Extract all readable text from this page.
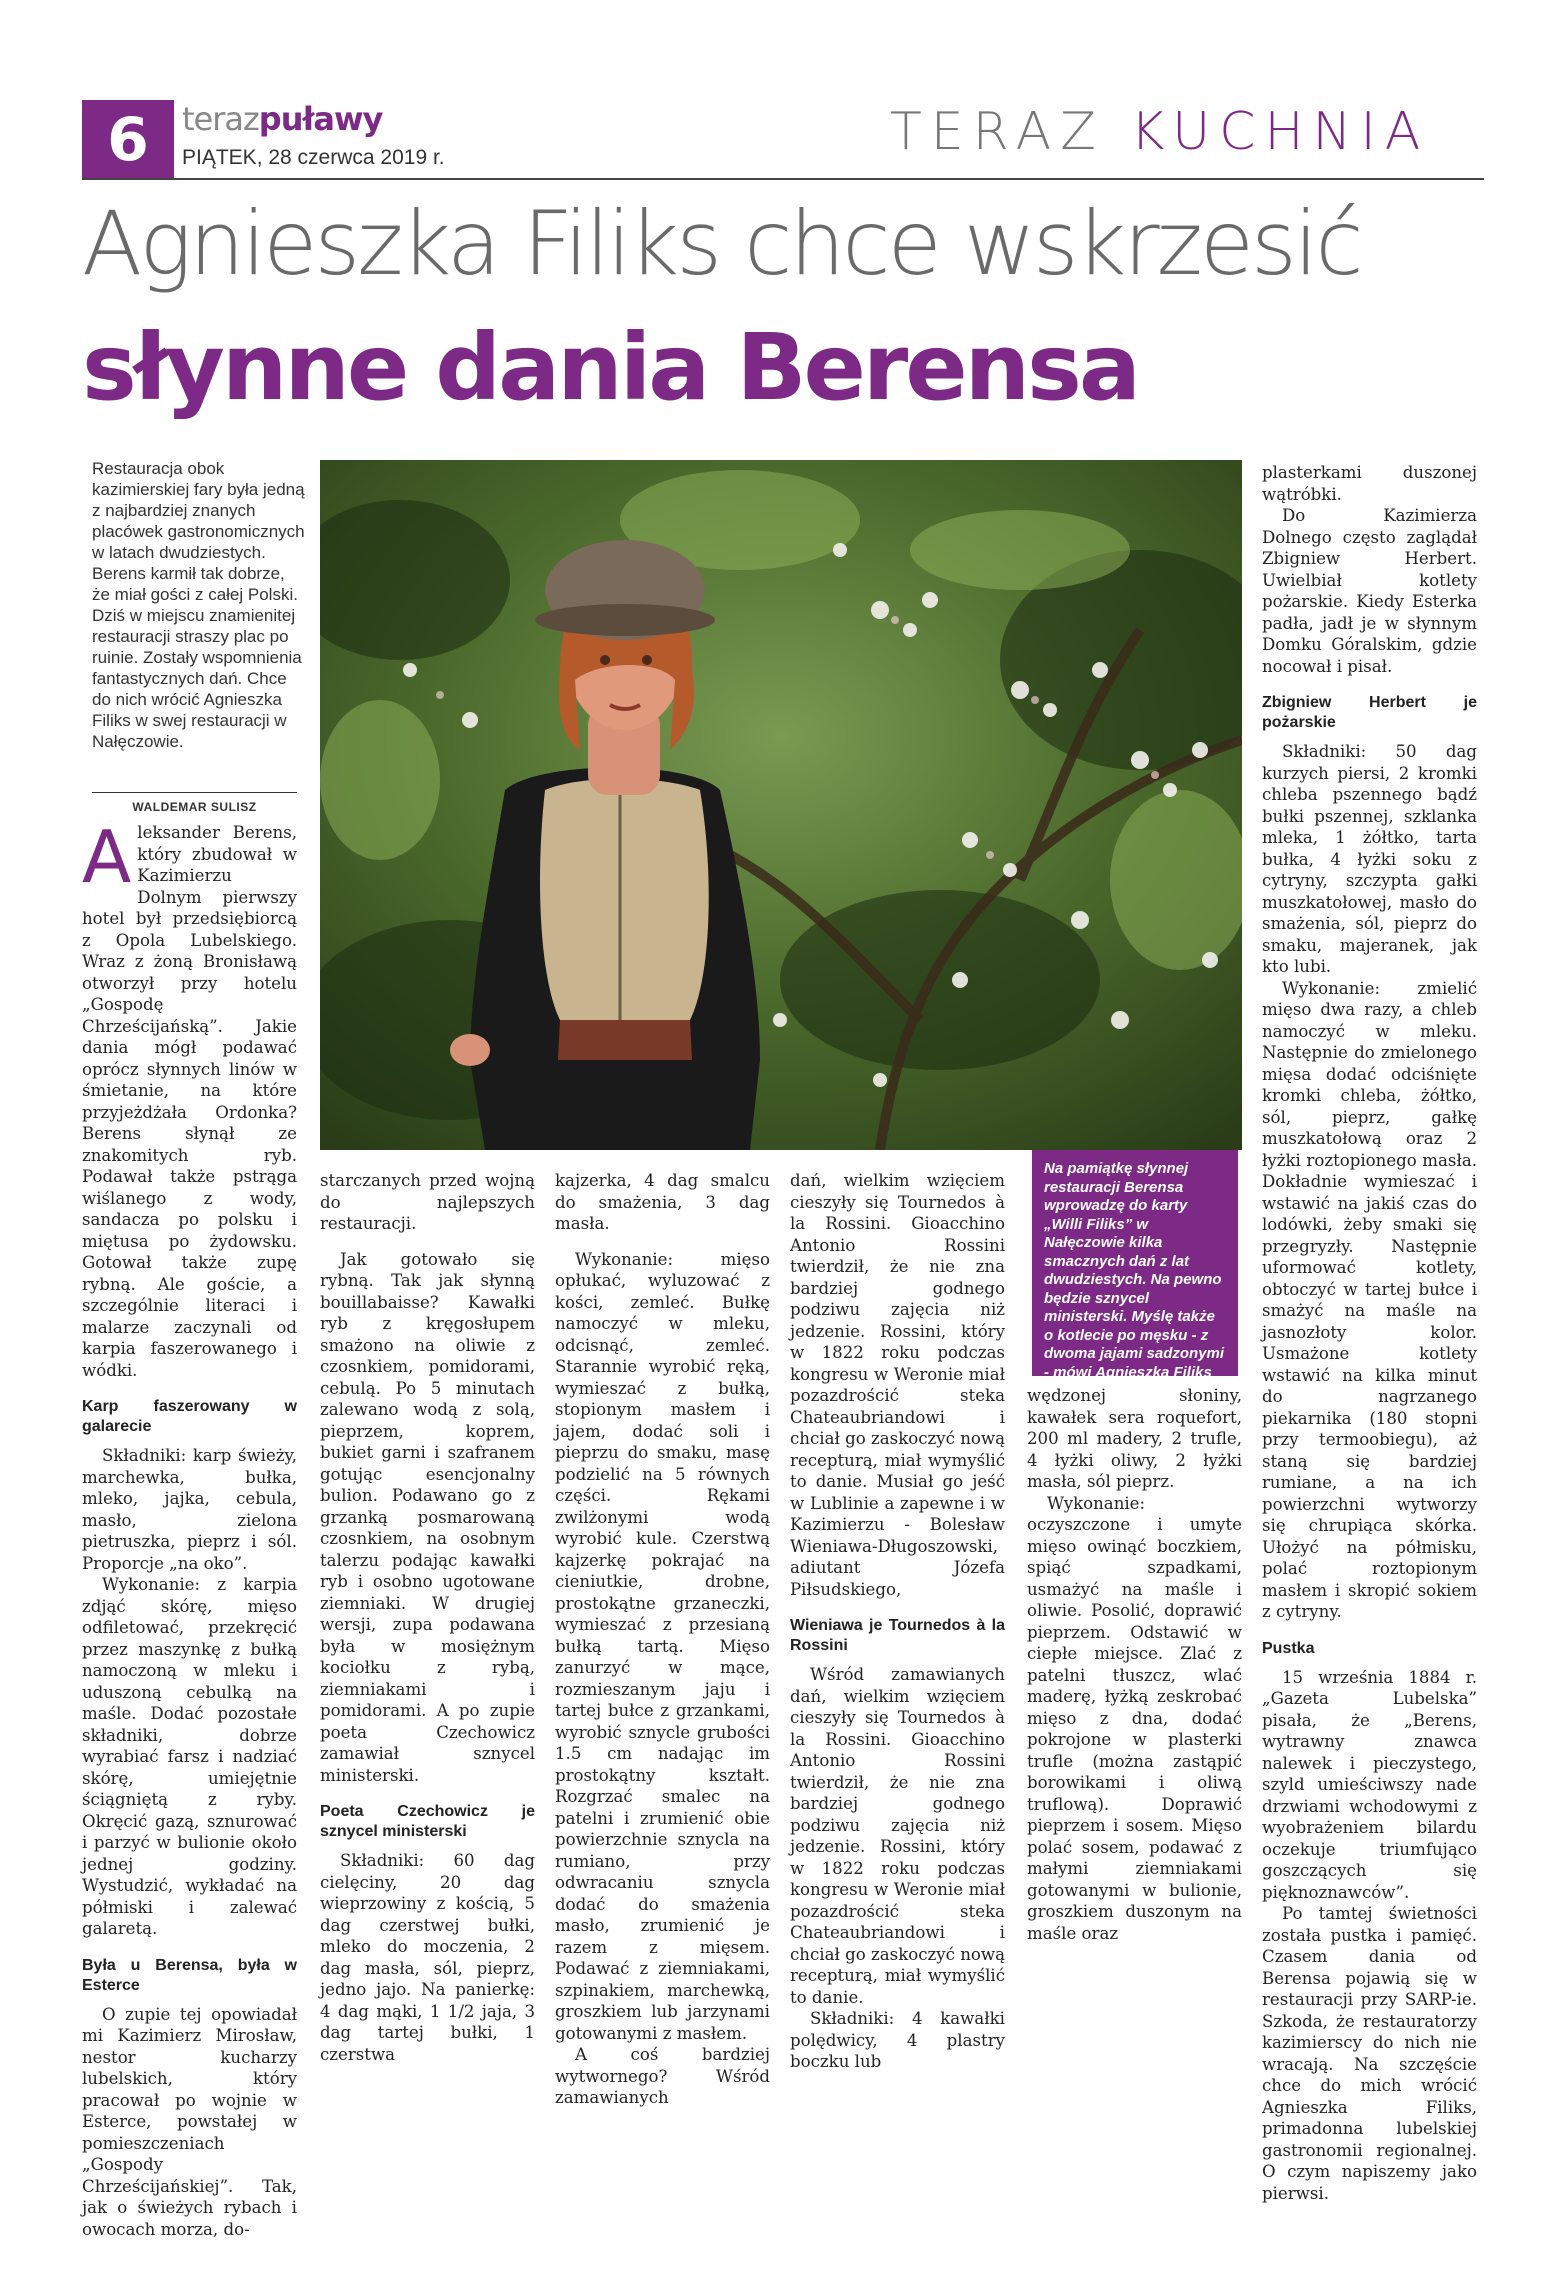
6	terazpuławy
PIĄTEK, 28 czerwca 2019 r.	TERAZ KUCHNIA
Agnieszka Filiks chce wskrzesić
słynne dania Berensa
Restauracja obok kazimierskiej fary była jedną z najbardziej znanych placówek gastronomicznych w latach dwudziestych. Berens karmił tak dobrze, że miał gości z całej Polski. Dziś w miejscu znamienitej restauracji straszy plac po ruinie. Zostały wspomnienia fantastycznych dań. Chce do nich wrócić Agnieszka Filiks w swej restauracji w Nałęczowie.
WALDEMAR SULISZ
Na pamiątkę słynnej restauracji Berensa wprowadzę do karty „Willi Filiks” w Nałęczowie kilka smacznych dań z lat dwudziestych. Na pewno będzie sznycel ministerski. Myślę także o kotlecie po męsku - z dwoma jajami sadzonymi - mówi Agnieszka Filiks

Aleksander Berens, który zbudował w Kazimierzu Dolnym pierwszy hotel był przedsiębiorcą z Opola Lubelskiego. Wraz z żoną Bronisławą otworzył przy hotelu „Gospodę Chrześcijańską”. Jakie dania mógł podawać oprócz słynnych linów w śmietanie, na które przyjeżdżała Ordonka? Berens słynął ze znakomitych ryb. Podawał także pstrąga wiślanego z wody, sandacza po polsku i miętusa po żydowsku. Gotował także zupę rybną. Ale goście, a szczególnie literaci i malarze zaczynali od karpia faszerowanego i wódki.

Karp faszerowany w galarecie

Składniki: karp świeży, marchewka, bułka, mleko, jajka, cebula, masło, zielona pietruszka, pieprz i sól. Proporcje „na oko”.

Wykonanie: z karpia zdjąć skórę, mięso odfiletować, przekręcić przez maszynkę z bułką namoczoną w mleku i uduszoną cebulką na maśle. Dodać pozostałe składniki, dobrze wyrabiać farsz i nadziać skórę, umiejętnie ściągniętą z ryby. Okręcić gazą, sznurować i parzyć w bulionie około jednej godziny. Wystudzić, wykładać na półmiski i zalewać galaretą.

Była u Berensa, była w Esterce

O zupie tej opowiadał mi Kazimierz Mirosław, nestor kucharzy lubelskich, który pracował po wojnie w Esterce, powstałej w pomieszczeniach „Gospody Chrześcijańskiej”. Tak, jak o świeżych rybach i owocach morza, do-

starczanych przed wojną do najlepszych restauracji.

Jak gotowało się rybną. Tak jak słynną bouillabaisse? Kawałki ryb z kręgosłupem smażono na oliwie z czosnkiem, pomidorami, cebulą. Po 5 minutach zalewano wodą z solą, pieprzem, koprem, bukiet garni i szafranem gotując esencjonalny bulion. Podawano go z grzanką posmarowaną czosnkiem, na osobnym talerzu podając kawałki ryb i osobno ugotowane ziemniaki. W drugiej wersji, zupa podawana była w mosiężnym kociołku z rybą, ziemniakami i pomidorami. A po zupie poeta Czechowicz zamawiał sznycel ministerski.

Poeta Czechowicz je sznycel ministerski

Składniki: 60 dag cielęciny, 20 dag wieprzowiny z kością, 5 dag czerstwej bułki, mleko do moczenia, 2 dag masła, sól, pieprz, jedno jajo. Na panierkę: 4 dag mąki, 1 1/2 jaja, 3 dag tartej bułki, 1 czerstwa

kajzerka, 4 dag smalcu do smażenia, 3 dag masła.

Wykonanie: mięso opłukać, wyluzować z kości, zemleć. Bułkę namoczyć w mleku, odcisnąć, zemleć. Starannie wyrobić ręką, wymieszać z bułką, stopionym masłem i jajem, dodać soli i pieprzu do smaku, masę podzielić na 5 równych części. Rękami zwilżonymi wodą wyrobić kule. Czerstwą kajzerkę pokrajać na cieniutkie, drobne, prostokątne grzaneczki, wymieszać z przesianą bułką tartą. Mięso zanurzyć w mące, rozmieszanym jaju i tartej bułce z grzankami, wyrobić sznycle grubości 1.5 cm nadając im prostokątny kształt. Rozgrzać smalec na patelni i zrumienić obie powierzchnie sznycla na rumiano, przy odwracaniu sznycla dodać do smażenia masło, zrumienić je razem z mięsem. Podawać z ziemniakami, szpinakiem, marchewką, groszkiem lub jarzynami gotowanymi z masłem.

A coś bardziej wytwornego? Wśród zamawianych

dań, wielkim wzięciem cieszyły się Tournedos à la Rossini. Gioacchino Antonio Rossini twierdził, że nie zna bardziej godnego podziwu zajęcia niż jedzenie. Rossini, który w 1822 roku podczas kongresu w Weronie miał pozazdrościć steka Chateaubriandowi i chciał go zaskoczyć nową recepturą, miał wymyślić to danie. Musiał go jeść w Lublinie a zapewne i w Kazimierzu - Bolesław Wieniawa-Długoszowski, adiutant Józefa Piłsudskiego,

Wieniawa je Tournedos à la Rossini

Wśród zamawianych dań, wielkim wzięciem cieszyły się Tournedos à la Rossini. Gioacchino Antonio Rossini twierdził, że nie zna bardziej godnego podziwu zajęcia niż jedzenie. Rossini, który w 1822 roku podczas kongresu w Weronie miał pozazdrościć steka Chateaubriandowi i chciał go zaskoczyć nową recepturą, miał wymyślić to danie.

Składniki: 4 kawałki polędwicy, 4 plastry boczku lub

wędzonej słoniny, kawałek sera roquefort, 200 ml madery, 2 trufle, 4 łyżki oliwy, 2 łyżki masła, sól pieprz.

Wykonanie: oczyszczone i umyte mięso owinąć boczkiem, spiąć szpadkami, usmażyć na maśle i oliwie. Posolić, doprawić pieprzem. Odstawić w ciepłe miejsce. Zlać z patelni tłuszcz, wlać maderę, łyżką zeskrobać mięso z dna, dodać pokrojone w plasterki trufle (można zastąpić borowikami i oliwą truflową). Doprawić pieprzem i sosem. Mięso polać sosem, podawać z małymi ziemniakami gotowanymi w bulionie, groszkiem duszonym na maśle oraz

plasterkami duszonej wątróbki.

Do Kazimierza Dolnego często zaglądał Zbigniew Herbert. Uwielbiał kotlety pożarskie. Kiedy Esterka padła, jadł je w słynnym Domku Góralskim, gdzie nocował i pisał.

Zbigniew Herbert je pożarskie

Składniki: 50 dag kurzych piersi, 2 kromki chleba pszennego bądź bułki pszennej, szklanka mleka, 1 żółtko, tarta bułka, 4 łyżki soku z cytryny, szczypta gałki muszkatołowej, masło do smażenia, sól, pieprz do smaku, majeranek, jak kto lubi.

Wykonanie: zmielić mięso dwa razy, a chleb namoczyć w mleku. Następnie do zmielonego mięsa dodać odciśnięte kromki chleba, żółtko, sól, pieprz, gałkę muszkatołową oraz 2 łyżki roztopionego masła. Dokładnie wymieszać i wstawić na jakiś czas do lodówki, żeby smaki się przegryzły. Następnie uformować kotlety, obtoczyć w tartej bułce i smażyć na maśle na jasnozłoty kolor. Usmażone kotlety wstawić na kilka minut do nagrzanego piekarnika (180 stopni przy termoobiegu), aż staną się bardziej rumiane, a na ich powierzchni wytworzy się chrupiąca skórka. Ułożyć na półmisku, polać roztopionym masłem i skropić sokiem z cytryny.

Pustka

15 września 1884 r. „Gazeta Lubelska” pisała, że „Berens, wytrawny znawca nalewek i pieczystego, szyld umieściwszy nade drzwiami wchodowymi z wyobrażeniem bilardu oczekuje triumfująco goszczących się pięknoznawców”.

Po tamtej świetności została pustka i pamięć. Czasem dania od Berensa pojawią się w restauracji przy SARP-ie. Szkoda, że restauratorzy kazimierscy do nich nie wracają. Na szczęście chce do mich wrócić Agnieszka Filiks, primadonna lubelskiej gastronomii regionalnej. O czym napiszemy jako pierwsi.
